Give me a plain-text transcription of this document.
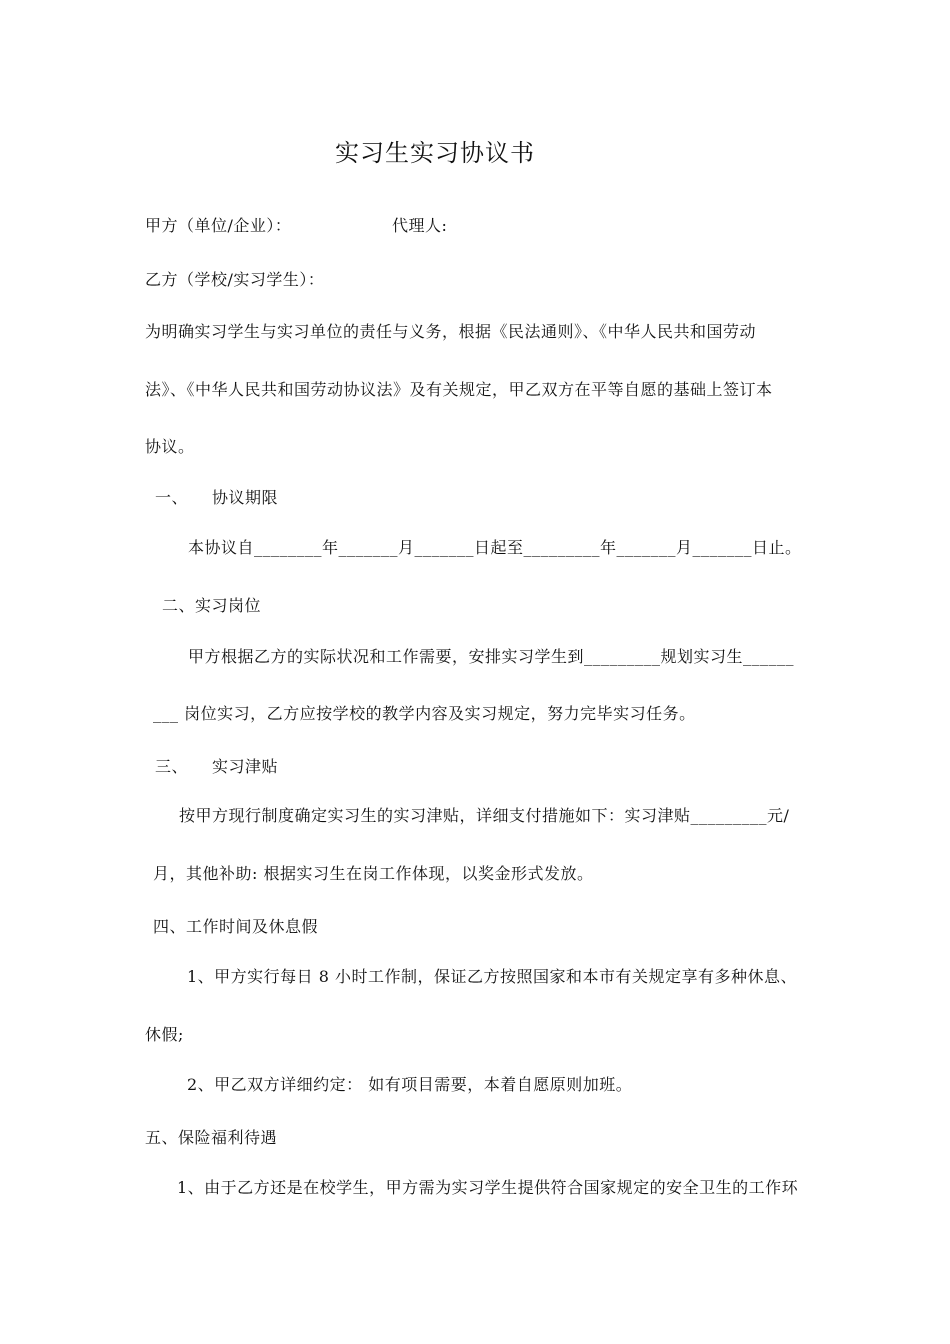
实习生实习协议书
甲方（单位/企业）：	代理人:
乙方（学校/实习学生）：
为明确实习学生与实习单位的责任与义务，根据《民法通则》、《中华人民共和国劳动
法》、《中华人民共和国劳动协议法》及有关规定，甲乙双方在平等自愿的基础上签订本
协议。
一、 协议期限
本协议自________年_______月_______日起至_________年_______月_______日止。
二、实习岗位
甲方根据乙方的实际状况和工作需要，安排实习学生到_________规划实习生______
___ 岗位实习，乙方应按学校的教学内容及实习规定，努力完毕实习任务。
三、 实习津贴
按甲方现行制度确定实习生的实习津贴，详细支付措施如下：实习津贴_________元/
月，其他补助: 根据实习生在岗工作体现，以奖金形式发放。
四、工作时间及休息假
1、甲方实行每日 8 小时工作制，保证乙方按照国家和本市有关规定享有多种休息、
休假;
2、甲乙双方详细约定： 如有项目需要，本着自愿原则加班。
五、保险福利待遇
1、由于乙方还是在校学生，甲方需为实习学生提供符合国家规定的安全卫生的工作环
